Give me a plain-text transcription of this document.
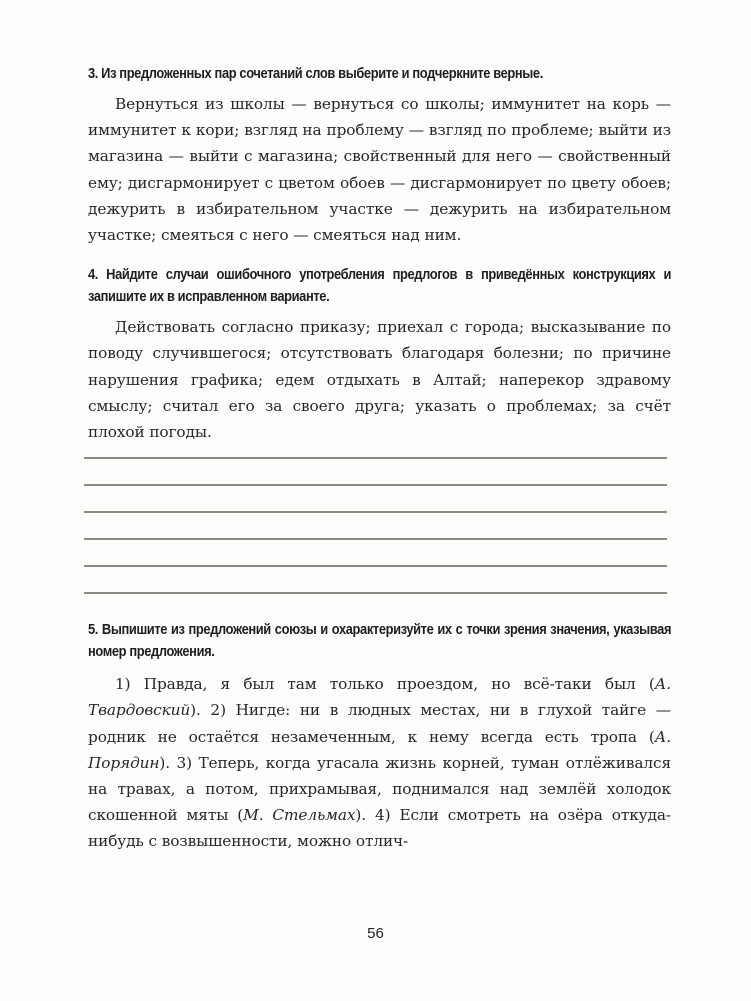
3. Из предложенных пар сочетаний слов выберите и подчеркните верные.

Вернуться из школы — вернуться со школы; иммунитет на корь — иммунитет к кори; взгляд на проблему — взгляд по проблеме; выйти из магазина — выйти с магазина; свойственный для него — свойственный ему; дисгармонирует с цветом обоев — дисгармонирует по цвету обоев; дежурить в избирательном участке — дежурить на избирательном участке; смеяться с него — смеяться над ним.

4. Найдите случаи ошибочного употребления предлогов в приведённых конструкциях и запишите их в исправленном варианте.

Действовать согласно приказу; приехал с города; высказывание по поводу случившегося; отсутствовать благодаря болезни; по причине нарушения графика; едем отдыхать в Алтай; наперекор здравому смыслу; считал его за своего друга; указать о проблемах; за счёт плохой погоды.

5. Выпишите из предложений союзы и охарактеризуйте их с точки зрения значения, указывая номер предложения.

1) Правда, я был там только проездом, но всё-таки был (А. Твардовский). 2) Нигде: ни в людных местах, ни в глухой тайге — родник не остаётся незамеченным, к нему всегда есть тропа (А. Порядин). 3) Теперь, когда угасала жизнь корней, туман отлёживался на травах, а потом, прихрамывая, поднимался над землёй холодок скошенной мяты (М. Стельмах). 4) Если смотреть на озёра откуда-нибудь с возвышенности, можно отлич-

56
